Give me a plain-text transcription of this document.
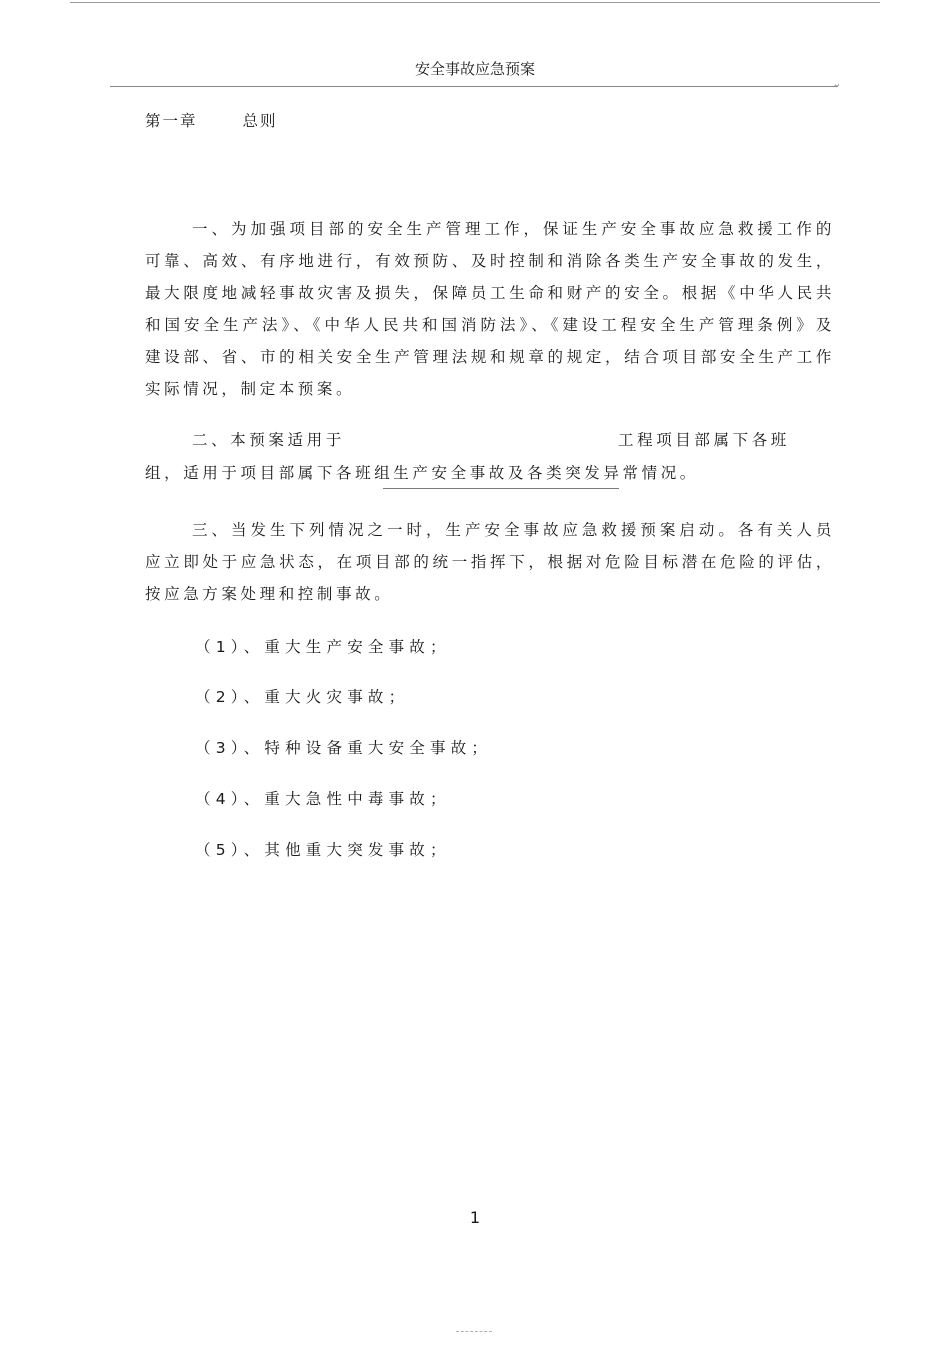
安全事故应急预案
↵
第一章	总则
一、为加强项目部的安全生产管理工作，保证生产安全事故应急救援工作的可靠、高效、有序地进行，有效预防、及时控制和消除各类生产安全事故的发生，最大限度地减轻事故灾害及损失，保障员工生命和财产的安全。根据《中华人民共和国安全生产法》、《中华人民共和国消防法》、《建设工程安全生产管理条例》及建设部、省、市的相关安全生产管理法规和规章的规定，结合项目部安全生产工作实际情况，制定本预案。
二、本预案适用于	工程项目部属下各班
组，适用于项目部属下各班组生产安全事故及各类突发异常情况。
三、当发生下列情况之一时，生产安全事故应急救援预案启动。各有关人员应立即处于应急状态，在项目部的统一指挥下，根据对危险目标潜在危险的评估，按应急方案处理和控制事故。
（1）、重大生产安全事故；
（2）、重大火灾事故；
（3）、特种设备重大安全事故；
（4）、重大急性中毒事故；
（5）、其他重大突发事故；
1
